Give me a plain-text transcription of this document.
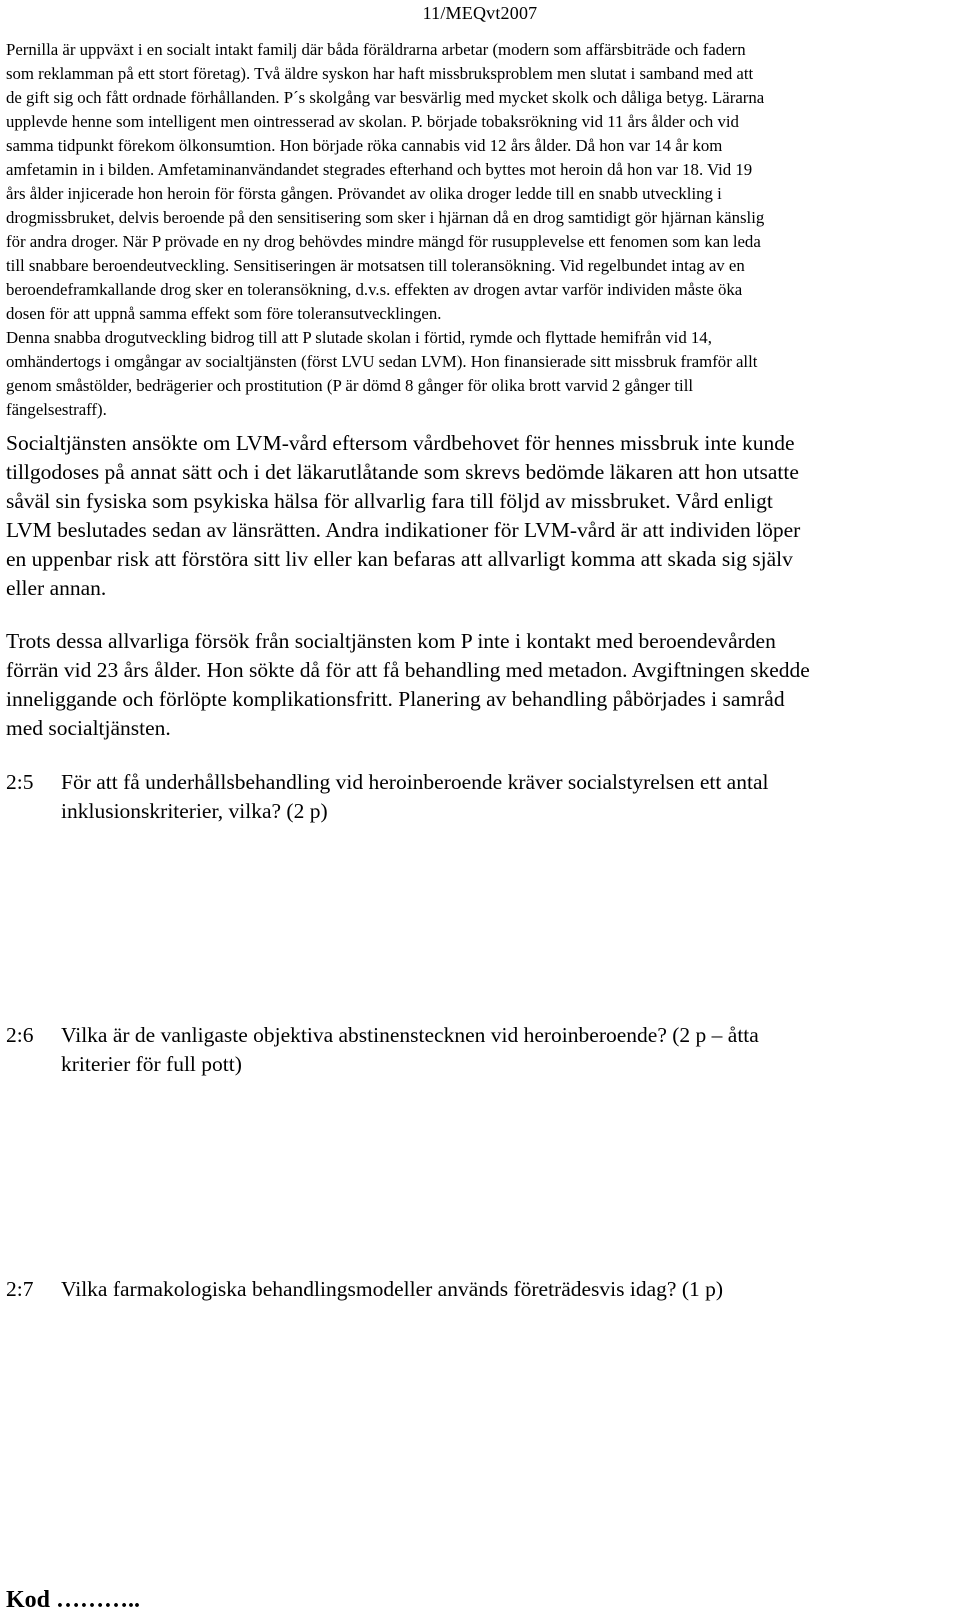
11/MEQvt2007

Pernilla är uppväxt i en socialt intakt familj där båda föräldrarna arbetar (modern som affärsbiträde och fadern
som reklamman på ett stort företag). Två äldre syskon har haft missbruksproblem men slutat i samband med att
de gift sig och fått ordnade förhållanden. P´s skolgång var besvärlig med mycket skolk och dåliga betyg. Lärarna
upplevde henne som intelligent men ointresserad av skolan. P. började tobaksrökning vid 11 års ålder och vid
samma tidpunkt förekom ölkonsumtion. Hon började röka cannabis vid 12 års ålder. Då hon var 14 år kom
amfetamin in i bilden. Amfetaminanvändandet stegrades efterhand och byttes mot heroin då hon var 18. Vid 19
års ålder injicerade hon heroin för första gången. Prövandet av olika droger ledde till en snabb utveckling i
drogmissbruket, delvis beroende på den sensitisering som sker i hjärnan då en drog samtidigt gör hjärnan känslig
för andra droger. När P prövade en ny drog behövdes mindre mängd för rusupplevelse ett fenomen som kan leda
till snabbare beroendeutveckling. Sensitiseringen är motsatsen till toleransökning. Vid regelbundet intag av en
beroendeframkallande drog sker en toleransökning, d.v.s. effekten av drogen avtar varför individen måste öka
dosen för att uppnå samma effekt som före toleransutvecklingen.
Denna snabba drogutveckling bidrog till att P slutade skolan i förtid, rymde och flyttade hemifrån vid 14,
omhändertogs i omgångar av socialtjänsten (först LVU sedan LVM). Hon finansierade sitt missbruk framför allt
genom småstölder, bedrägerier och prostitution (P är dömd 8 gånger för olika brott varvid 2 gånger till
fängelsestraff).

Socialtjänsten ansökte om LVM-vård eftersom vårdbehovet för hennes missbruk inte kunde
tillgodoses på annat sätt och i det läkarutlåtande som skrevs bedömde läkaren att hon utsatte
såväl sin fysiska som psykiska hälsa för allvarlig fara till följd av missbruket. Vård enligt
LVM beslutades sedan av länsrätten. Andra indikationer för LVM-vård är att individen löper
en uppenbar risk att förstöra sitt liv eller kan befaras att allvarligt komma att skada sig själv
eller annan.

Trots dessa allvarliga försök från socialtjänsten kom P inte i kontakt med beroendevården
förrän vid 23 års ålder. Hon sökte då för att få behandling med metadon. Avgiftningen skedde
inneliggande och förlöpte komplikationsfritt. Planering av behandling påbörjades i samråd
med socialtjänsten.

2:5	För att få underhållsbehandling vid heroinberoende kräver socialstyrelsen ett antal
inklusionskriterier, vilka? (2 p)
2:6	Vilka är de vanligaste objektiva abstinenstecknen vid heroinberoende? (2 p – åtta
kriterier för full pott)
2:7	Vilka farmakologiska behandlingsmodeller används företrädesvis idag? (1 p)
Kod ………..
